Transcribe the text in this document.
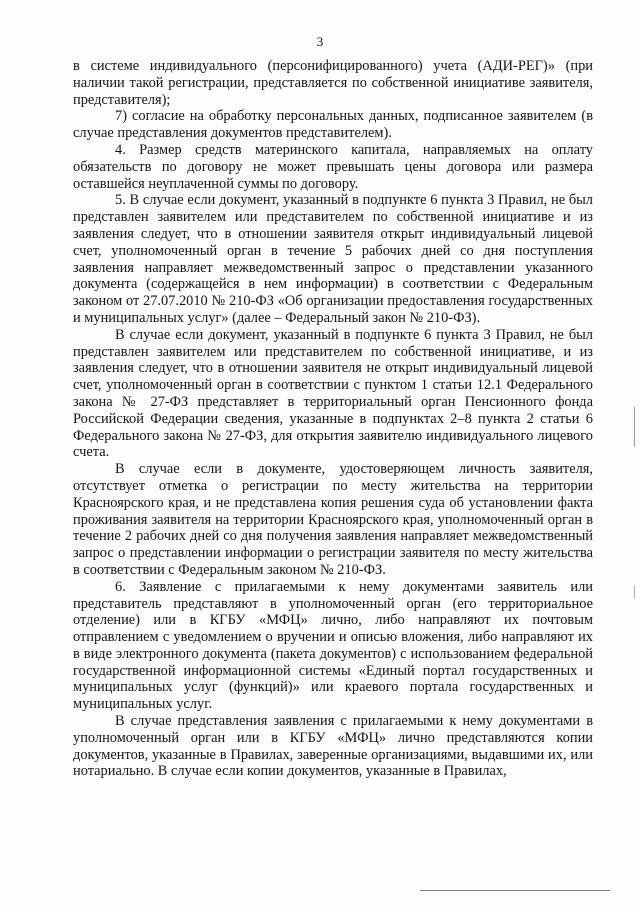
3

в системе индивидуального (персонифицированного) учета (АДИ-РЕГ)» (при наличии такой регистрации, представляется по собственной инициативе заявителя, представителя);

7) согласие на обработку персональных данных, подписанное заявителем (в случае представления документов представителем).

4. Размер средств материнского капитала, направляемых на оплату обязательств по договору не может превышать цены договора или размера оставшейся неуплаченной суммы по договору.

5. В случае если документ, указанный в подпункте 6 пункта 3 Правил, не был представлен заявителем или представителем по собственной инициативе и из заявления следует, что в отношении заявителя открыт индивидуальный лицевой счет, уполномоченный орган в течение 5 рабочих дней со дня поступления заявления направляет межведомственный запрос о представлении указанного документа (содержащейся в нем информации) в соответствии с Федеральным законом от 27.07.2010 № 210-ФЗ «Об организации предоставления государственных и муниципальных услуг» (далее – Федеральный закон № 210-ФЗ).

В случае если документ, указанный в подпункте 6 пункта 3 Правил, не был представлен заявителем или представителем по собственной инициативе, и из заявления следует, что в отношении заявителя не открыт индивидуальный лицевой счет, уполномоченный орган в соответствии с пунктом 1 статьи 12.1 Федерального закона № 27-ФЗ представляет в территориальный орган Пенсионного фонда Российской Федерации сведения, указанные в подпунктах 2–8 пункта 2 статьи 6 Федерального закона № 27-ФЗ, для открытия заявителю индивидуального лицевого счета.

В случае если в документе, удостоверяющем личность заявителя, отсутствует отметка о регистрации по месту жительства на территории Красноярского края, и не представлена копия решения суда об установлении факта проживания заявителя на территории Красноярского края, уполномоченный орган в течение 2 рабочих дней со дня получения заявления направляет межведомственный запрос о представлении информации о регистрации заявителя по месту жительства в соответствии с Федеральным законом № 210-ФЗ.

6. Заявление с прилагаемыми к нему документами заявитель или представитель представляют в уполномоченный орган (его территориальное отделение) или в КГБУ «МФЦ» лично, либо направляют их почтовым отправлением с уведомлением о вручении и описью вложения, либо направляют их в виде электронного документа (пакета документов) с использованием федеральной государственной информационной системы «Единый портал государственных и муниципальных услуг (функций)» или краевого портала государственных и муниципальных услуг.

В случае представления заявления с прилагаемыми к нему документами в уполномоченный орган или в КГБУ «МФЦ» лично представляются копии документов, указанные в Правилах, заверенные организациями, выдавшими их, или нотариально. В случае если копии документов, указанные в Правилах,
